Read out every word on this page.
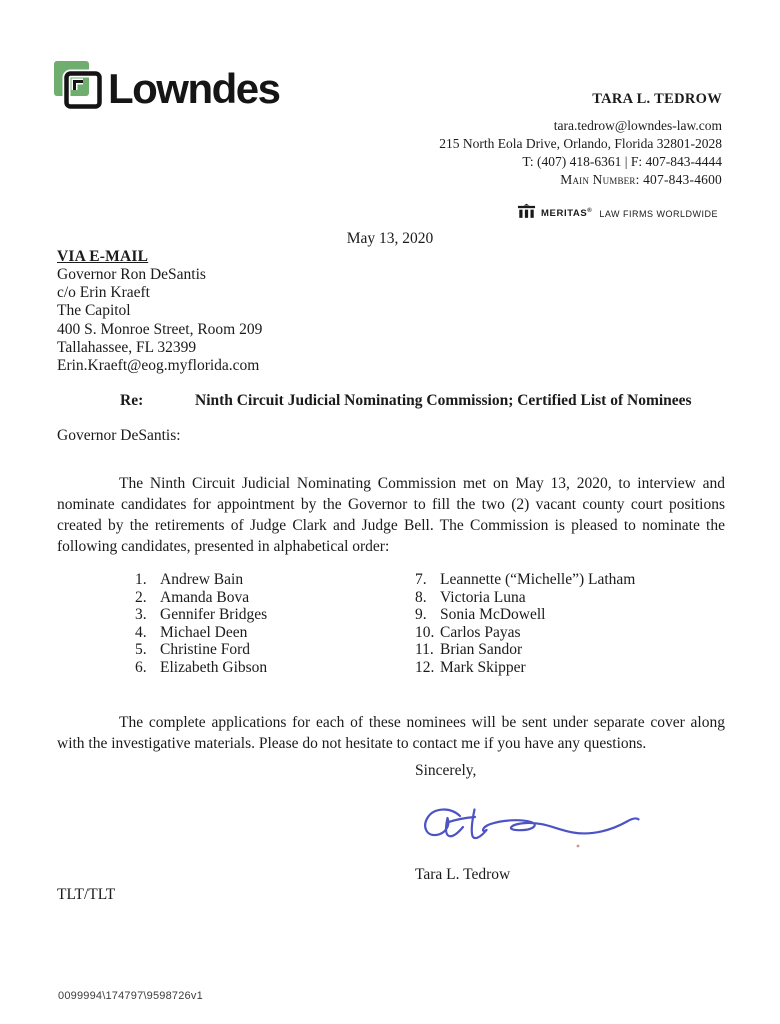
Lowndes	TARA L. TEDROW
tara.tedrow@lowndes-law.com
215 North Eola Drive, Orlando, Florida 32801-2028
T: (407) 418-6361 | F: 407-843-4444
Main Number: 407-843-4600
MERITAS® LAW FIRMS WORLDWIDE
May 13, 2020
VIA E-MAIL
Governor Ron DeSantis
c/o Erin Kraeft
The Capitol
400 S. Monroe Street, Room 209
Tallahassee, FL 32399
Erin.Kraeft@eog.myflorida.com
Re:	Ninth Circuit Judicial Nominating Commission; Certified List of Nominees
Governor DeSantis:

The Ninth Circuit Judicial Nominating Commission met on May 13, 2020, to interview and nominate candidates for appointment by the Governor to fill the two (2) vacant county court positions created by the retirements of Judge Clark and Judge Bell. The Commission is pleased to nominate the following candidates, presented in alphabetical order:

1. Andrew Bain
2. Amanda Bova
3. Gennifer Bridges
4. Michael Deen
5. Christine Ford
6. Elizabeth Gibson
7. Leannette (“Michelle”) Latham
8. Victoria Luna
9. Sonia McDowell
10. Carlos Payas
11. Brian Sandor
12. Mark Skipper

The complete applications for each of these nominees will be sent under separate cover along with the investigative materials. Please do not hesitate to contact me if you have any questions.

Sincerely,
Tara L. Tedrow
TLT/TLT
0099994\174797\9598726v1
